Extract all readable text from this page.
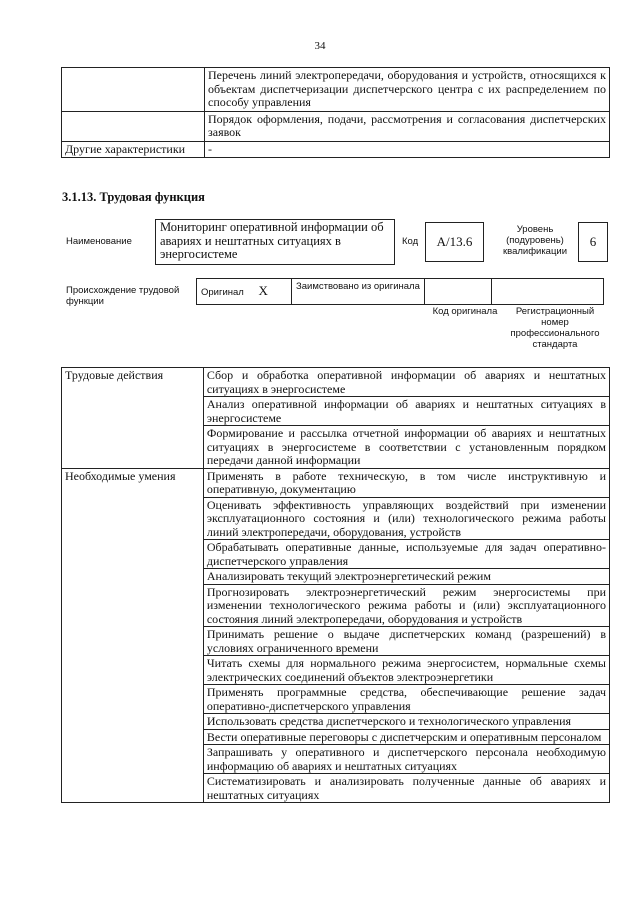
34
	Перечень линий электропередачи, оборудования и устройств, относящихся к объектам диспетчеризации диспетчерского центра с их распределением по способу управления
	Порядок оформления, подачи, рассмотрения и согласования диспетчерских заявок
Другие характеристики	-
3.1.13. Трудовая функция
Наименование
Мониторинг оперативной информации об авариях и нештатных ситуациях в энергосистеме
Код	A/13.6
Уровень (подуровень) квалификации
6
Происхождение трудовой функции
Оригинал X	Заимствовано из оригинала		
Код оригинала	Регистрационный номер профессионального стандарта
Трудовые действия	Сбор и обработка оперативной информации об авариях и нештатных ситуациях в энергосистеме
	Анализ оперативной информации об авариях и нештатных ситуациях в энергосистеме
	Формирование и рассылка отчетной информации об авариях и нештатных ситуациях в энергосистеме в соответствии с установленным порядком передачи данной информации
Необходимые умения	Применять в работе техническую, в том числе инструктивную и оперативную, документацию
	Оценивать эффективность управляющих воздействий при изменении эксплуатационного состояния и (или) технологического режима работы линий электропередачи, оборудования, устройств
	Обрабатывать оперативные данные, используемые для задач оперативно-диспетчерского управления
	Анализировать текущий электроэнергетический режим
	Прогнозировать электроэнергетический режим энергосистемы при изменении технологического режима работы и (или) эксплуатационного состояния линий электропередачи, оборудования и устройств
	Принимать решение о выдаче диспетчерских команд (разрешений) в условиях ограниченного времени
	Читать схемы для нормального режима энергосистем, нормальные схемы электрических соединений объектов электроэнергетики
	Применять программные средства, обеспечивающие решение задач оперативно-диспетчерского управления
	Использовать средства диспетчерского и технологического управления
	Вести оперативные переговоры с диспетчерским и оперативным персоналом
	Запрашивать у оперативного и диспетчерского персонала необходимую информацию об авариях и нештатных ситуациях
	Систематизировать и анализировать полученные данные об авариях и нештатных ситуациях
